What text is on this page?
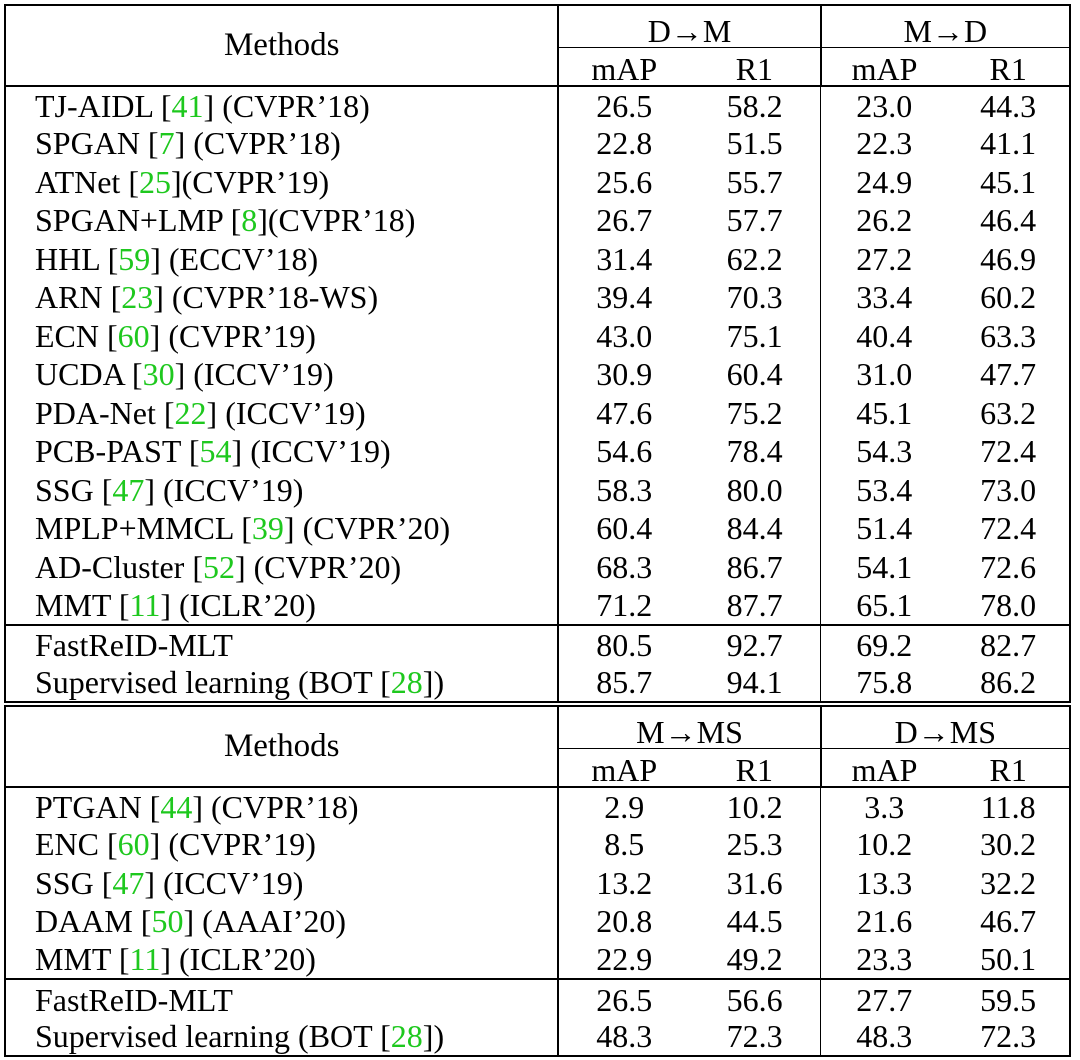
Methods	D→M		M→D	
	mAP	R1	mAP	R1
TJ-AIDL [41] (CVPR’18)	26.5	58.2	23.0	44.3
SPGAN [7] (CVPR’18)	22.8	51.5	22.3	41.1
ATNet [25](CVPR’19)	25.6	55.7	24.9	45.1
SPGAN+LMP [8](CVPR’18)	26.7	57.7	26.2	46.4
HHL [59] (ECCV’18)	31.4	62.2	27.2	46.9
ARN [23] (CVPR’18-WS)	39.4	70.3	33.4	60.2
ECN [60] (CVPR’19)	43.0	75.1	40.4	63.3
UCDA [30] (ICCV’19)	30.9	60.4	31.0	47.7
PDA-Net [22] (ICCV’19)	47.6	75.2	45.1	63.2
PCB-PAST [54] (ICCV’19)	54.6	78.4	54.3	72.4
SSG [47] (ICCV’19)	58.3	80.0	53.4	73.0
MPLP+MMCL [39] (CVPR’20)	60.4	84.4	51.4	72.4
AD-Cluster [52] (CVPR’20)	68.3	86.7	54.1	72.6
MMT [11] (ICLR’20)	71.2	87.7	65.1	78.0
FastReID-MLT	80.5	92.7	69.2	82.7
Supervised learning (BOT [28])	85.7	94.1	75.8	86.2
Methods	M→MS		D→MS	
	mAP	R1	mAP	R1
PTGAN [44] (CVPR’18)	2.9	10.2	3.3	11.8
ENC [60] (CVPR’19)	8.5	25.3	10.2	30.2
SSG [47] (ICCV’19)	13.2	31.6	13.3	32.2
DAAM [50] (AAAI’20)	20.8	44.5	21.6	46.7
MMT [11] (ICLR’20)	22.9	49.2	23.3	50.1
FastReID-MLT	26.5	56.6	27.7	59.5
Supervised learning (BOT [28])	48.3	72.3	48.3	72.3
